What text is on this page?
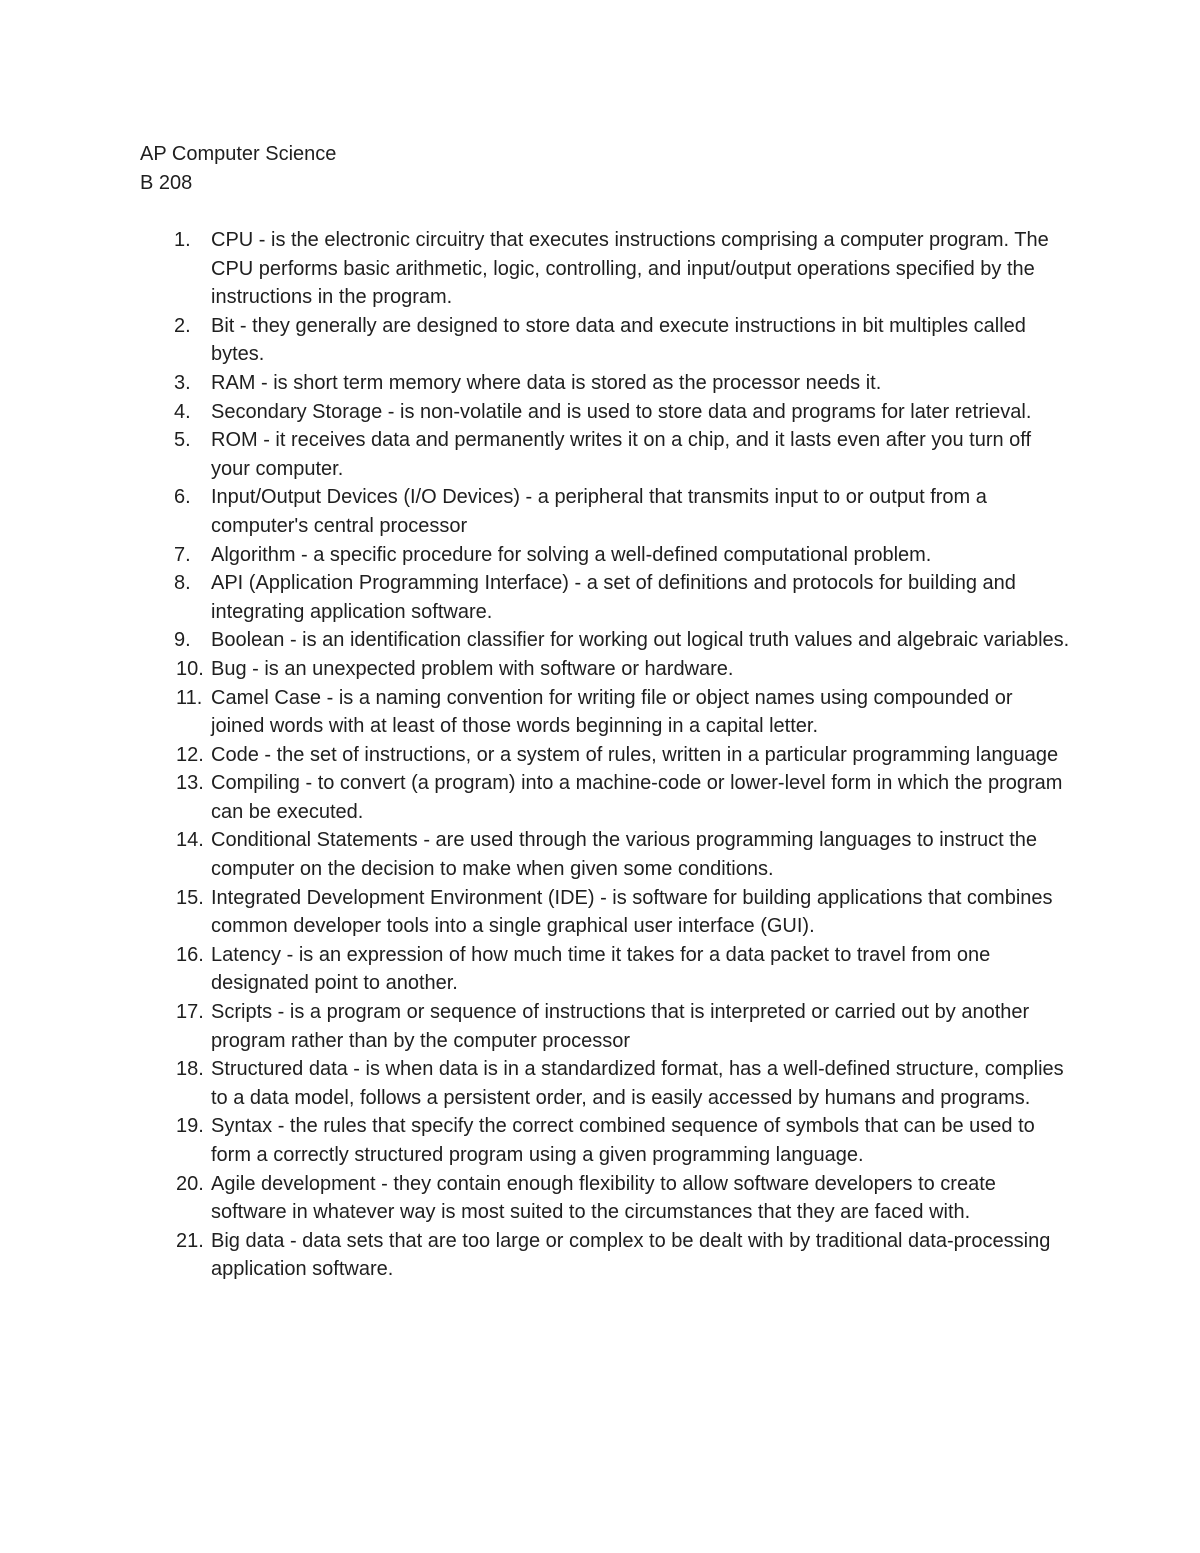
AP Computer Science
B 208
1. CPU - is the electronic circuitry that executes instructions comprising a computer program. The CPU performs basic arithmetic, logic, controlling, and input/output operations specified by the instructions in the program.
2. Bit - they generally are designed to store data and execute instructions in bit multiples called bytes.
3. RAM - is short term memory where data is stored as the processor needs it.
4. Secondary Storage - is non-volatile and is used to store data and programs for later retrieval.
5. ROM - it receives data and permanently writes it on a chip, and it lasts even after you turn off your computer.
6. Input/Output Devices (I/O Devices) - a peripheral that transmits input to or output from a computer's central processor
7. Algorithm - a specific procedure for solving a well-defined computational problem.
8. API (Application Programming Interface) - a set of definitions and protocols for building and integrating application software.
9. Boolean - is an identification classifier for working out logical truth values and algebraic variables.
10. Bug - is an unexpected problem with software or hardware.
11. Camel Case - is a naming convention for writing file or object names using compounded or joined words with at least of those words beginning in a capital letter.
12. Code - the set of instructions, or a system of rules, written in a particular programming language
13. Compiling - to convert (a program) into a machine-code or lower-level form in which the program can be executed.
14. Conditional Statements - are used through the various programming languages to instruct the computer on the decision to make when given some conditions.
15. Integrated Development Environment (IDE) - is software for building applications that combines common developer tools into a single graphical user interface (GUI).
16. Latency - is an expression of how much time it takes for a data packet to travel from one designated point to another.
17. Scripts - is a program or sequence of instructions that is interpreted or carried out by another program rather than by the computer processor
18. Structured data - is when data is in a standardized format, has a well-defined structure, complies to a data model, follows a persistent order, and is easily accessed by humans and programs.
19. Syntax - the rules that specify the correct combined sequence of symbols that can be used to form a correctly structured program using a given programming language.
20. Agile development - they contain enough flexibility to allow software developers to create software in whatever way is most suited to the circumstances that they are faced with.
21. Big data - data sets that are too large or complex to be dealt with by traditional data-processing application software.
